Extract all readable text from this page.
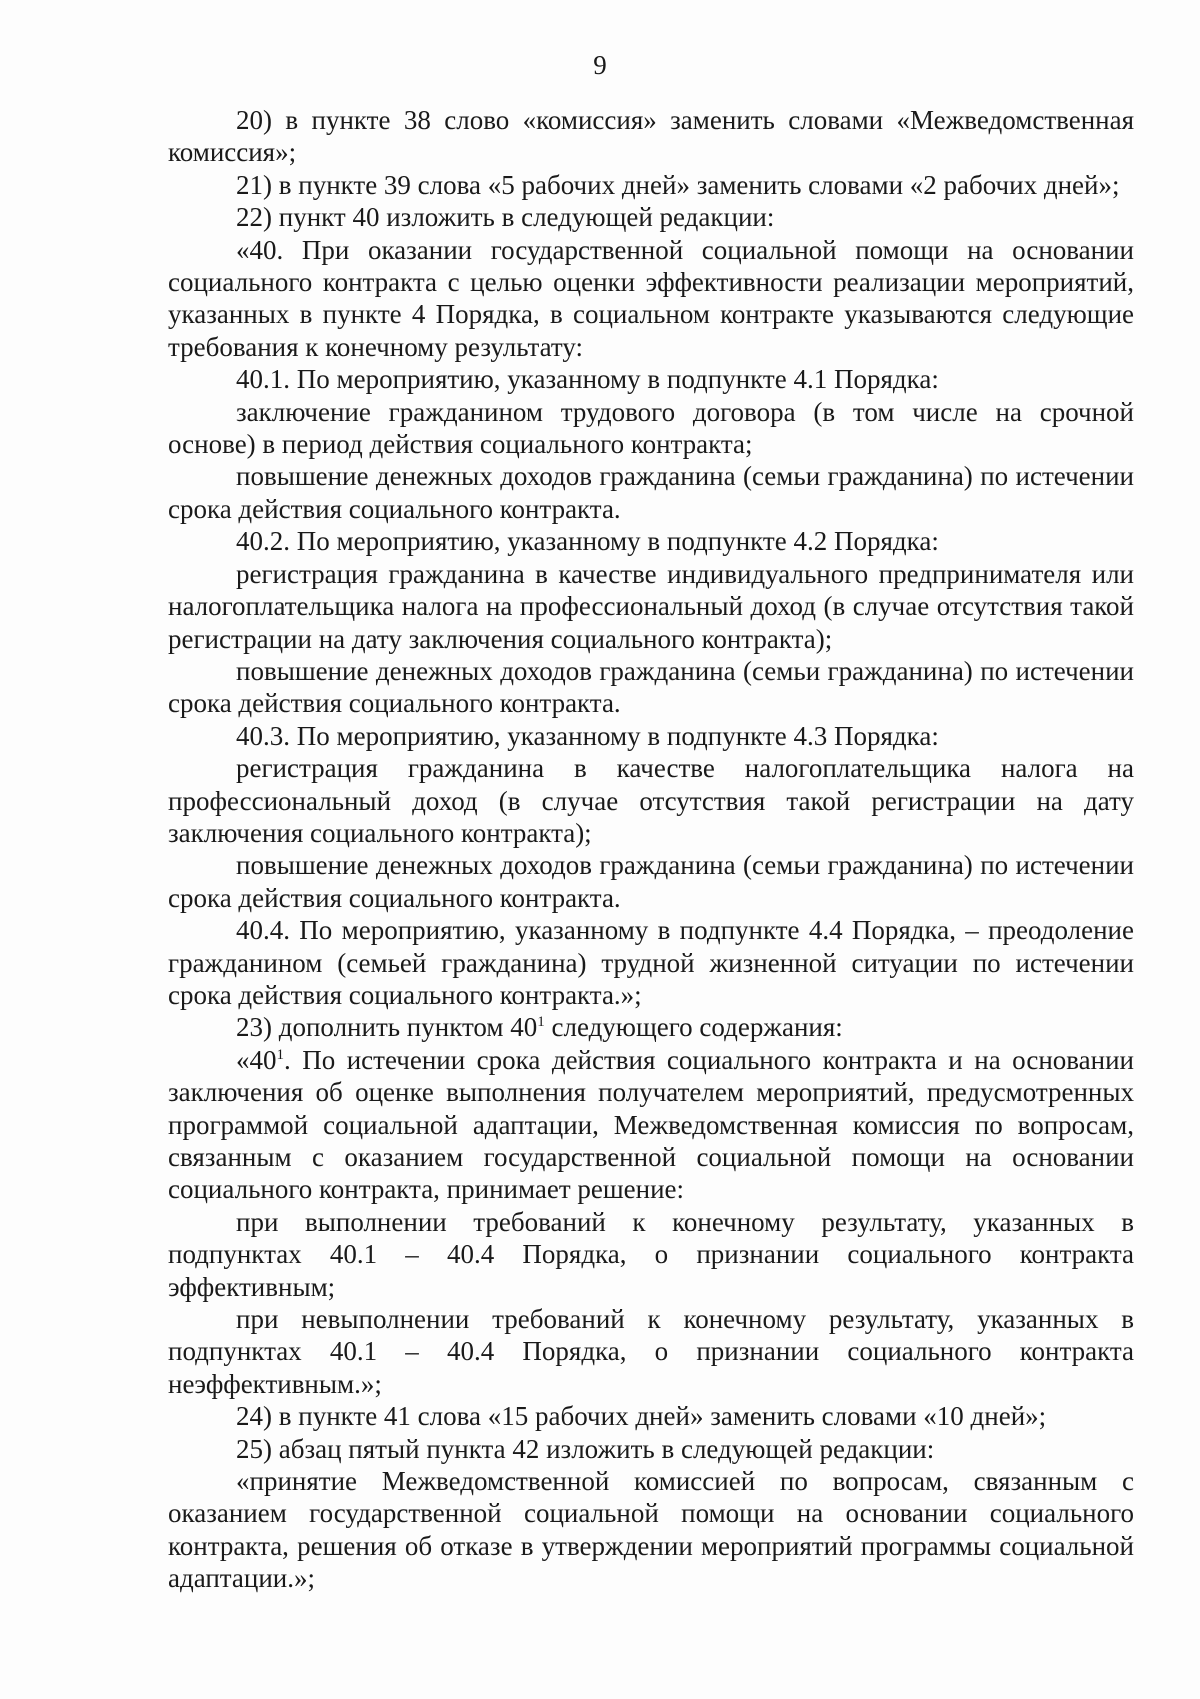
9

20) в пункте 38 слово «комиссия» заменить словами «Межведомственная комиссия»;

21) в пункте 39 слова «5 рабочих дней» заменить словами «2 рабочих дней»;

22) пункт 40 изложить в следующей редакции:

«40. При оказании государственной социальной помощи на основании социального контракта с целью оценки эффективности реализации мероприятий, указанных в пункте 4 Порядка, в социальном контракте указываются следующие требования к конечному результату:

40.1. По мероприятию, указанному в подпункте 4.1 Порядка:

заключение гражданином трудового договора (в том числе на срочной основе) в период действия социального контракта;

повышение денежных доходов гражданина (семьи гражданина) по истечении срока действия социального контракта.

40.2. По мероприятию, указанному в подпункте 4.2 Порядка:

регистрация гражданина в качестве индивидуального предпринимателя или налогоплательщика налога на профессиональный доход (в случае отсутствия такой регистрации на дату заключения социального контракта);

повышение денежных доходов гражданина (семьи гражданина) по истечении срока действия социального контракта.

40.3. По мероприятию, указанному в подпункте 4.3 Порядка:

регистрация гражданина в качестве налогоплательщика налога на профессиональный доход (в случае отсутствия такой регистрации на дату заключения социального контракта);

повышение денежных доходов гражданина (семьи гражданина) по истечении срока действия социального контракта.

40.4. По мероприятию, указанному в подпункте 4.4 Порядка, – преодоление гражданином (семьей гражданина) трудной жизненной ситуации по истечении срока действия социального контракта.»;

23) дополнить пунктом $40^1$ следующего содержания:

«$40^1$. По истечении срока действия социального контракта и на основании заключения об оценке выполнения получателем мероприятий, предусмотренных программой социальной адаптации, Межведомственная комиссия по вопросам, связанным с оказанием государственной социальной помощи на основании социального контракта, принимает решение:

при выполнении требований к конечному результату, указанных в подпунктах 40.1 – 40.4 Порядка, о признании социального контракта эффективным;

при невыполнении требований к конечному результату, указанных в подпунктах 40.1 – 40.4 Порядка, о признании социального контракта неэффективным.»;

24) в пункте 41 слова «15 рабочих дней» заменить словами «10 дней»;

25) абзац пятый пункта 42 изложить в следующей редакции:

«принятие Межведомственной комиссией по вопросам, связанным с оказанием государственной социальной помощи на основании социального контракта, решения об отказе в утверждении мероприятий программы социальной адаптации.»;
